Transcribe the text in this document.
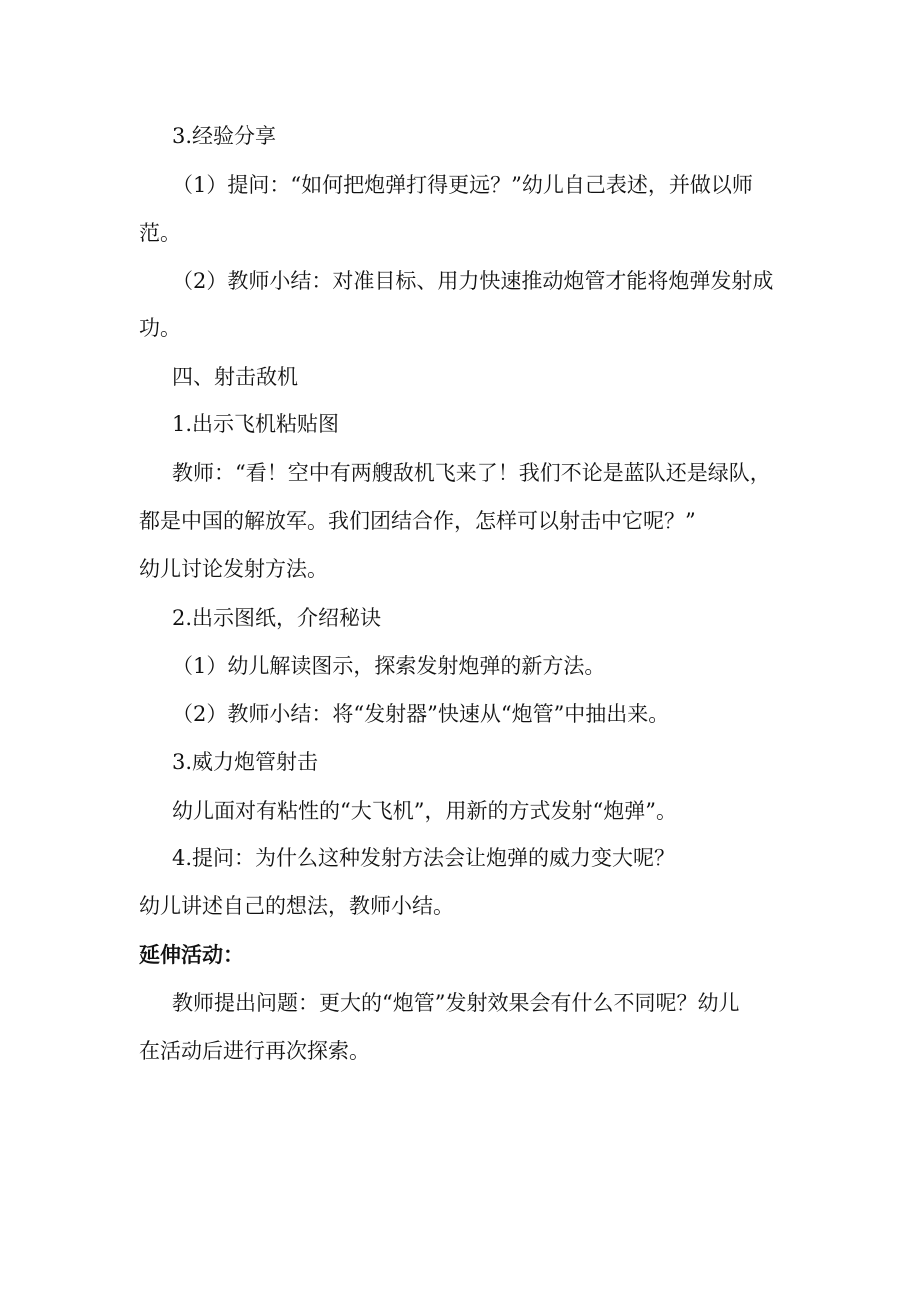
3.经验分享
（1）提问：“如何把炮弹打得更远？”幼儿自己表述，并做以师
范。
（2）教师小结：对准目标、用力快速推动炮管才能将炮弹发射成
功。
四、射击敌机
1.出示飞机粘贴图
教师：“看！空中有两艘敌机飞来了！我们不论是蓝队还是绿队，
都是中国的解放军。我们团结合作，怎样可以射击中它呢？”
幼儿讨论发射方法。
2.出示图纸，介绍秘诀
（1）幼儿解读图示，探索发射炮弹的新方法。
（2）教师小结：将“发射器”快速从“炮管”中抽出来。
3.威力炮管射击
幼儿面对有粘性的“大飞机”，用新的方式发射“炮弹”。
4.提问：为什么这种发射方法会让炮弹的威力变大呢？
幼儿讲述自己的想法，教师小结。
延伸活动：
教师提出问题：更大的“炮管”发射效果会有什么不同呢？幼儿
在活动后进行再次探索。
